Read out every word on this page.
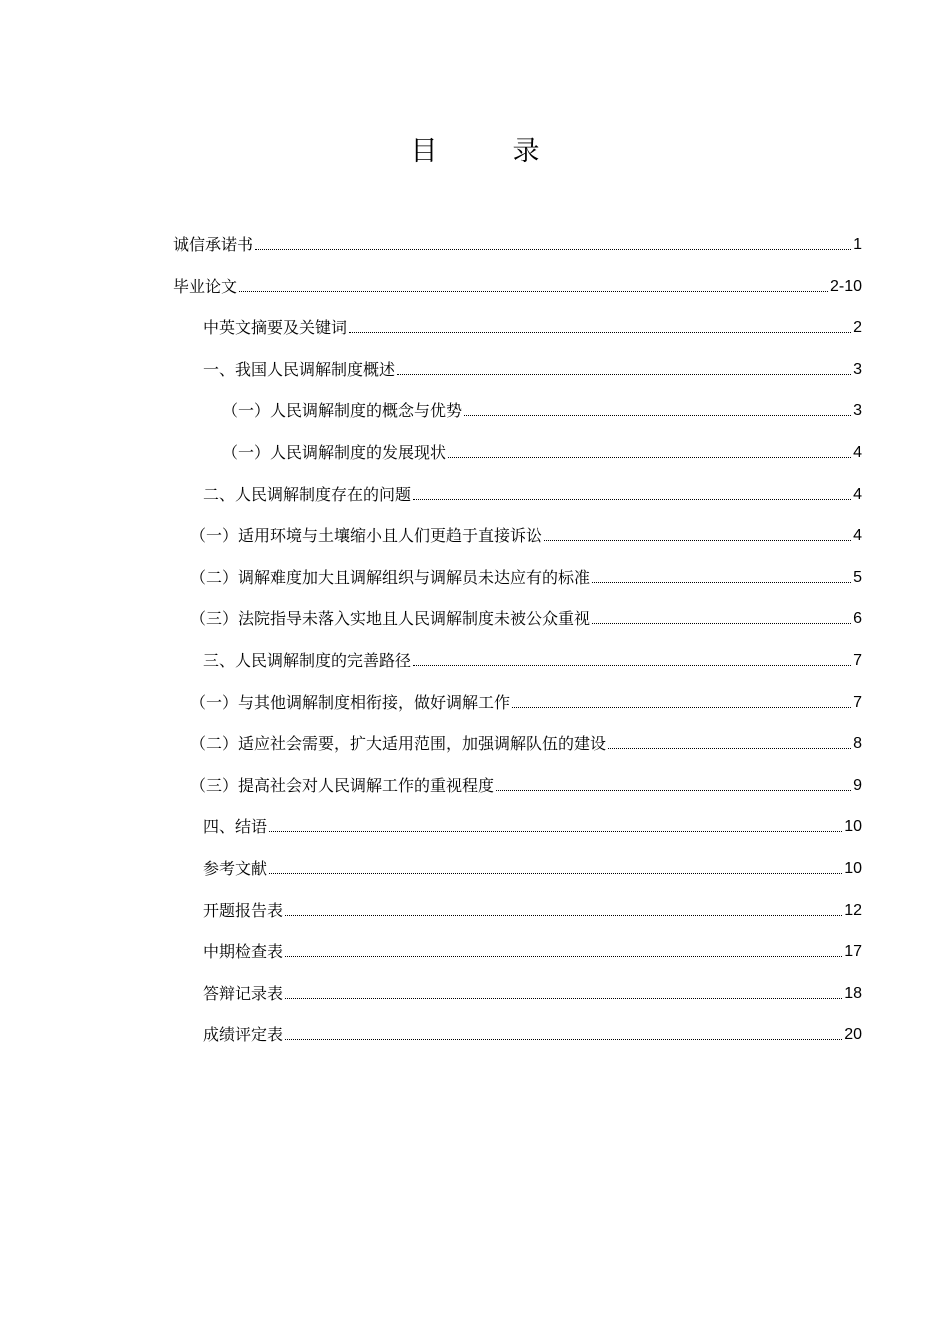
目　录
诚信承诺书	1
毕业论文	2-10
中英文摘要及关键词	2
一、我国人民调解制度概述	3
（一）人民调解制度的概念与优势	3
（一）人民调解制度的发展现状	4
二、人民调解制度存在的问题	4
（一）适用环境与土壤缩小且人们更趋于直接诉讼	4
（二）调解难度加大且调解组织与调解员未达应有的标准	5
（三）法院指导未落入实地且人民调解制度未被公众重视	6
三、人民调解制度的完善路径	7
（一）与其他调解制度相衔接，做好调解工作	7
（二）适应社会需要，扩大适用范围，加强调解队伍的建设	8
（三）提高社会对人民调解工作的重视程度	9
四、结语	10
参考文献	10
开题报告表	12
中期检查表	17
答辩记录表	18
成绩评定表	20
